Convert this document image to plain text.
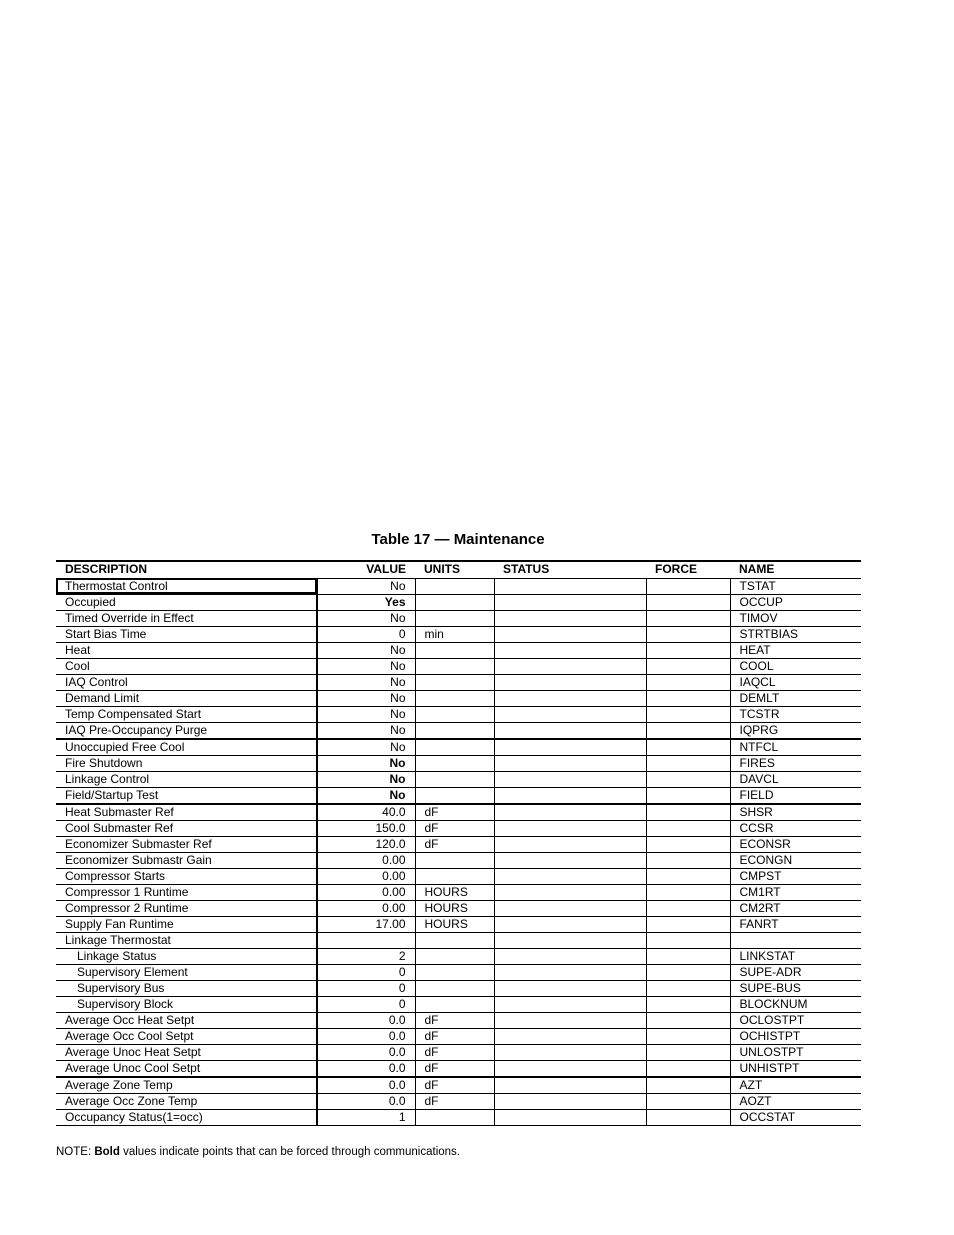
Table 17 — Maintenance
DESCRIPTION	VALUE	UNITS	STATUS	FORCE	NAME
Thermostat Control	No				TSTAT
Occupied	Yes				OCCUP
Timed Override in Effect	No				TIMOV
Start Bias Time	0	min			STRTBIAS
Heat	No				HEAT
Cool	No				COOL
IAQ Control	No				IAQCL
Demand Limit	No				DEMLT
Temp Compensated Start	No				TCSTR
IAQ Pre-Occupancy Purge	No				IQPRG
Unoccupied Free Cool	No				NTFCL
Fire Shutdown	No				FIRES
Linkage Control	No				DAVCL
Field/Startup Test	No				FIELD
Heat Submaster Ref	40.0	dF			SHSR
Cool Submaster Ref	150.0	dF			CCSR
Economizer Submaster Ref	120.0	dF			ECONSR
Economizer Submastr Gain	0.00				ECONGN
Compressor Starts	0.00				CMPST
Compressor 1 Runtime	0.00	HOURS			CM1RT
Compressor 2 Runtime	0.00	HOURS			CM2RT
Supply Fan Runtime	17.00	HOURS			FANRT
Linkage Thermostat					
Linkage Status	2				LINKSTAT
Supervisory Element	0				SUPE-ADR
Supervisory Bus	0				SUPE-BUS
Supervisory Block	0				BLOCKNUM
Average Occ Heat Setpt	0.0	dF			OCLOSTPT
Average Occ Cool Setpt	0.0	dF			OCHISTPT
Average Unoc Heat Setpt	0.0	dF			UNLOSTPT
Average Unoc Cool Setpt	0.0	dF			UNHISTPT
Average Zone Temp	0.0	dF			AZT
Average Occ Zone Temp	0.0	dF			AOZT
Occupancy Status(1=occ)	1				OCCSTAT
NOTE: Bold values indicate points that can be forced through communications.
